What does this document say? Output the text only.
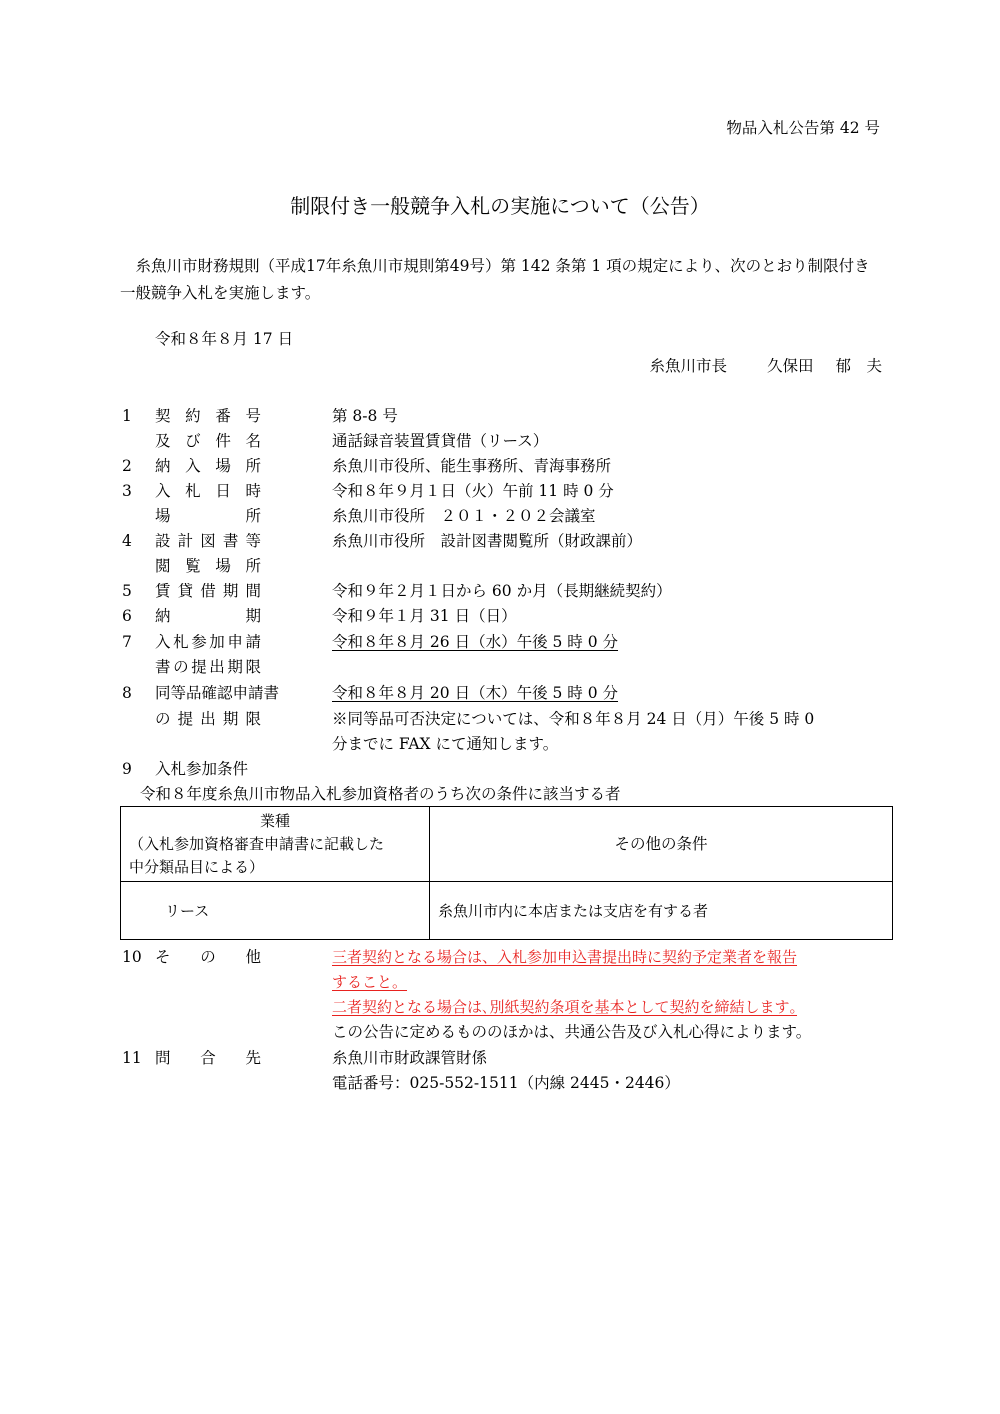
物品入札公告第 42 号
制限付き一般競争入札の実施について（公告）
糸魚川市財務規則（平成17年糸魚川市規則第49号）第 142 条第 1 項の規定により、次のとおり制限付き一般競争入札を実施します。
令和８年８月 17 日
糸魚川市長	久保田 郁　夫
1 契約番号	第 8-8 号
及び件名	通話録音装置賃貸借（リース）
2 納入場所	糸魚川市役所、能生事務所、青海事務所
3 入札日時	令和８年９月１日（火）午前 11 時 0 分
場所	糸魚川市役所　２０１・２０２会議室
4 設計図書等	糸魚川市役所　設計図書閲覧所（財政課前）
閲覧場所
5 賃貸借期間	令和９年２月１日から 60 か月（長期継続契約）
6 納期	令和９年１月 31 日（日）
7 入札参加申請	令和８年８月 26 日（水）午後 5 時 0 分
書の提出期限
8 同等品確認申請書	令和８年８月 20 日（木）午後 5 時 0 分
の提出期限	※同等品可否決定については、令和８年８月 24 日（月）午後 5 時 0
分までに FAX にて通知します。
9 入札参加条件
令和８年度糸魚川市物品入札参加資格者のうち次の条件に該当する者
業種
（入札参加資格審査申請書に記載した
中分類品目による）	その他の条件
リース	糸魚川市内に本店または支店を有する者
10 その他	三者契約となる場合は、入札参加申込書提出時に契約予定業者を報告
すること。
二者契約となる場合は､別紙契約条項を基本として契約を締結します｡
この公告に定めるもののほかは、共通公告及び入札心得によります。
11 問合先	糸魚川市財政課管財係
電話番号：025-552-1511（内線 2445・2446）
